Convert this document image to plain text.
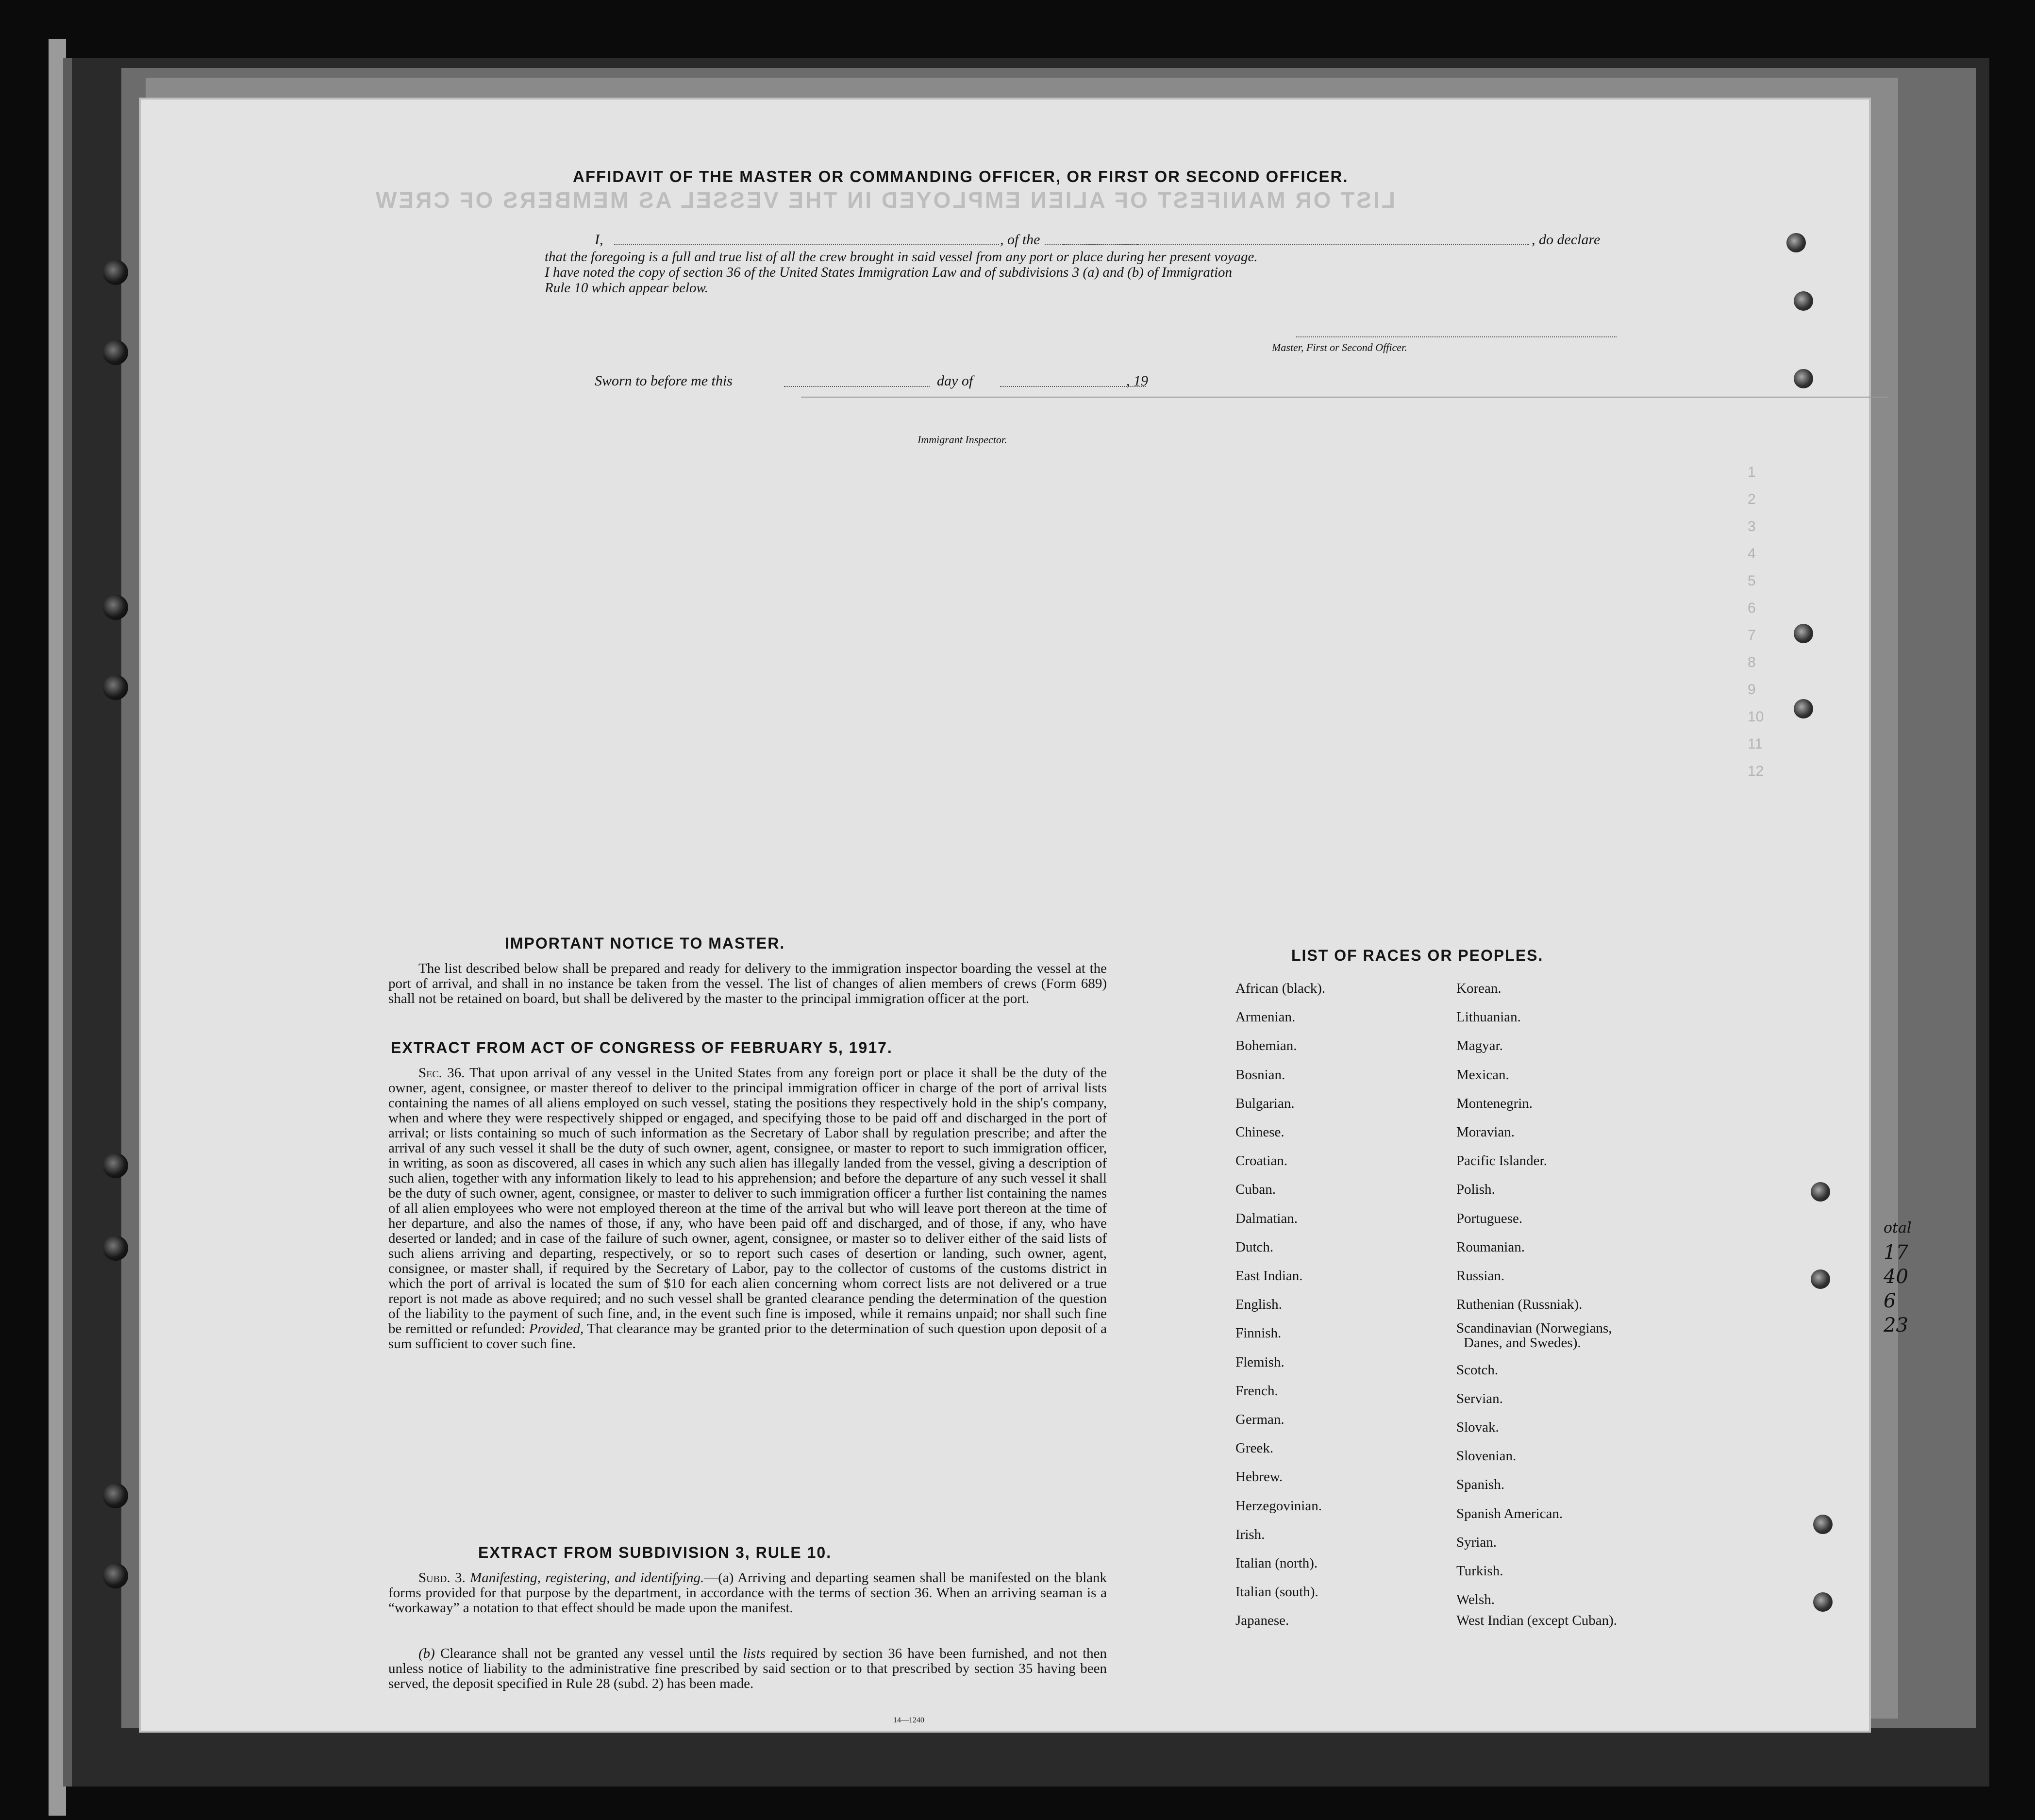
LIST OR MANIFEST OF ALIEN EMPLOYED IN THE VESSEL AS MEMBERS OF CREW
1
2
3
4
5
6
7
8
9
10
11
12
AFFIDAVIT OF THE MASTER OR COMMANDING OFFICER, OR FIRST OR SECOND OFFICER.
I,	, of the	, do declare
that the foregoing is a full and true list of all the crew brought in said vessel from any port or place during her present voyage.
I have noted the copy of section 36 of the United States Immigration Law and of subdivisions 3 (a) and (b) of Immigration
Rule 10 which appear below.
Master, First or Second Officer.
Sworn to before me this	day of	, 19
Immigrant Inspector.
IMPORTANT NOTICE TO MASTER.
The list described below shall be prepared and ready for delivery to the immigration inspector boarding the vessel at the port of arrival, and shall in no instance be taken from the vessel. The list of changes of alien members of crews (Form 689) shall not be retained on board, but shall be delivered by the master to the principal immigration officer at the port.
EXTRACT FROM ACT OF CONGRESS OF FEBRUARY 5, 1917.
Sec. 36. That upon arrival of any vessel in the United States from any foreign port or place it shall be the duty of the owner, agent, consignee, or master thereof to deliver to the principal immigration officer in charge of the port of arrival lists containing the names of all aliens employed on such vessel, stating the positions they respectively hold in the ship's company, when and where they were respectively shipped or engaged, and specifying those to be paid off and discharged in the port of arrival; or lists containing so much of such information as the Secretary of Labor shall by regulation prescribe; and after the arrival of any such vessel it shall be the duty of such owner, agent, consignee, or master to report to such immigration officer, in writing, as soon as discovered, all cases in which any such alien has illegally landed from the vessel, giving a description of such alien, together with any information likely to lead to his apprehension; and before the departure of any such vessel it shall be the duty of such owner, agent, consignee, or master to deliver to such immigration officer a further list containing the names of all alien employees who were not employed thereon at the time of the arrival but who will leave port thereon at the time of her departure, and also the names of those, if any, who have been paid off and discharged, and of those, if any, who have deserted or landed; and in case of the failure of such owner, agent, consignee, or master so to deliver either of the said lists of such aliens arriving and departing, respectively, or so to report such cases of desertion or landing, such owner, agent, consignee, or master shall, if required by the Secretary of Labor, pay to the collector of customs of the customs district in which the port of arrival is located the sum of $10 for each alien concerning whom correct lists are not delivered or a true report is not made as above required; and no such vessel shall be granted clearance pending the determination of the question of the liability to the payment of such fine, and, in the event such fine is imposed, while it remains unpaid; nor shall such fine be remitted or refunded: Provided, That clearance may be granted prior to the determination of such question upon deposit of a sum sufficient to cover such fine.
EXTRACT FROM SUBDIVISION 3, RULE 10.
Subd. 3. Manifesting, registering, and identifying.—(a) Arriving and departing seamen shall be manifested on the blank forms provided for that purpose by the department, in accordance with the terms of section 36. When an arriving seaman is a “workaway” a notation to that effect should be made upon the manifest.
(b) Clearance shall not be granted any vessel until the lists required by section 36 have been furnished, and not then unless notice of liability to the administrative fine prescribed by said section or to that prescribed by section 35 having been served, the deposit specified in Rule 28 (subd. 2) has been made.
14—1240
LIST OF RACES OR PEOPLES.
African (black).
Armenian.
Bohemian.
Bosnian.
Bulgarian.
Chinese.
Croatian.
Cuban.
Dalmatian.
Dutch.
East Indian.
English.
Finnish.
Flemish.
French.
German.
Greek.
Hebrew.
Herzegovinian.
Irish.
Italian (north).
Italian (south).
Japanese.
Korean.
Lithuanian.
Magyar.
Mexican.
Montenegrin.
Moravian.
Pacific Islander.
Polish.
Portuguese.
Roumanian.
Russian.
Ruthenian (Russniak).
Scandinavian (Norwegians,
Danes, and Swedes).
Scotch.
Servian.
Slovak.
Slovenian.
Spanish.
Spanish American.
Syrian.
Turkish.
Welsh.
West Indian (except Cuban).
otal
17
40
6
23
